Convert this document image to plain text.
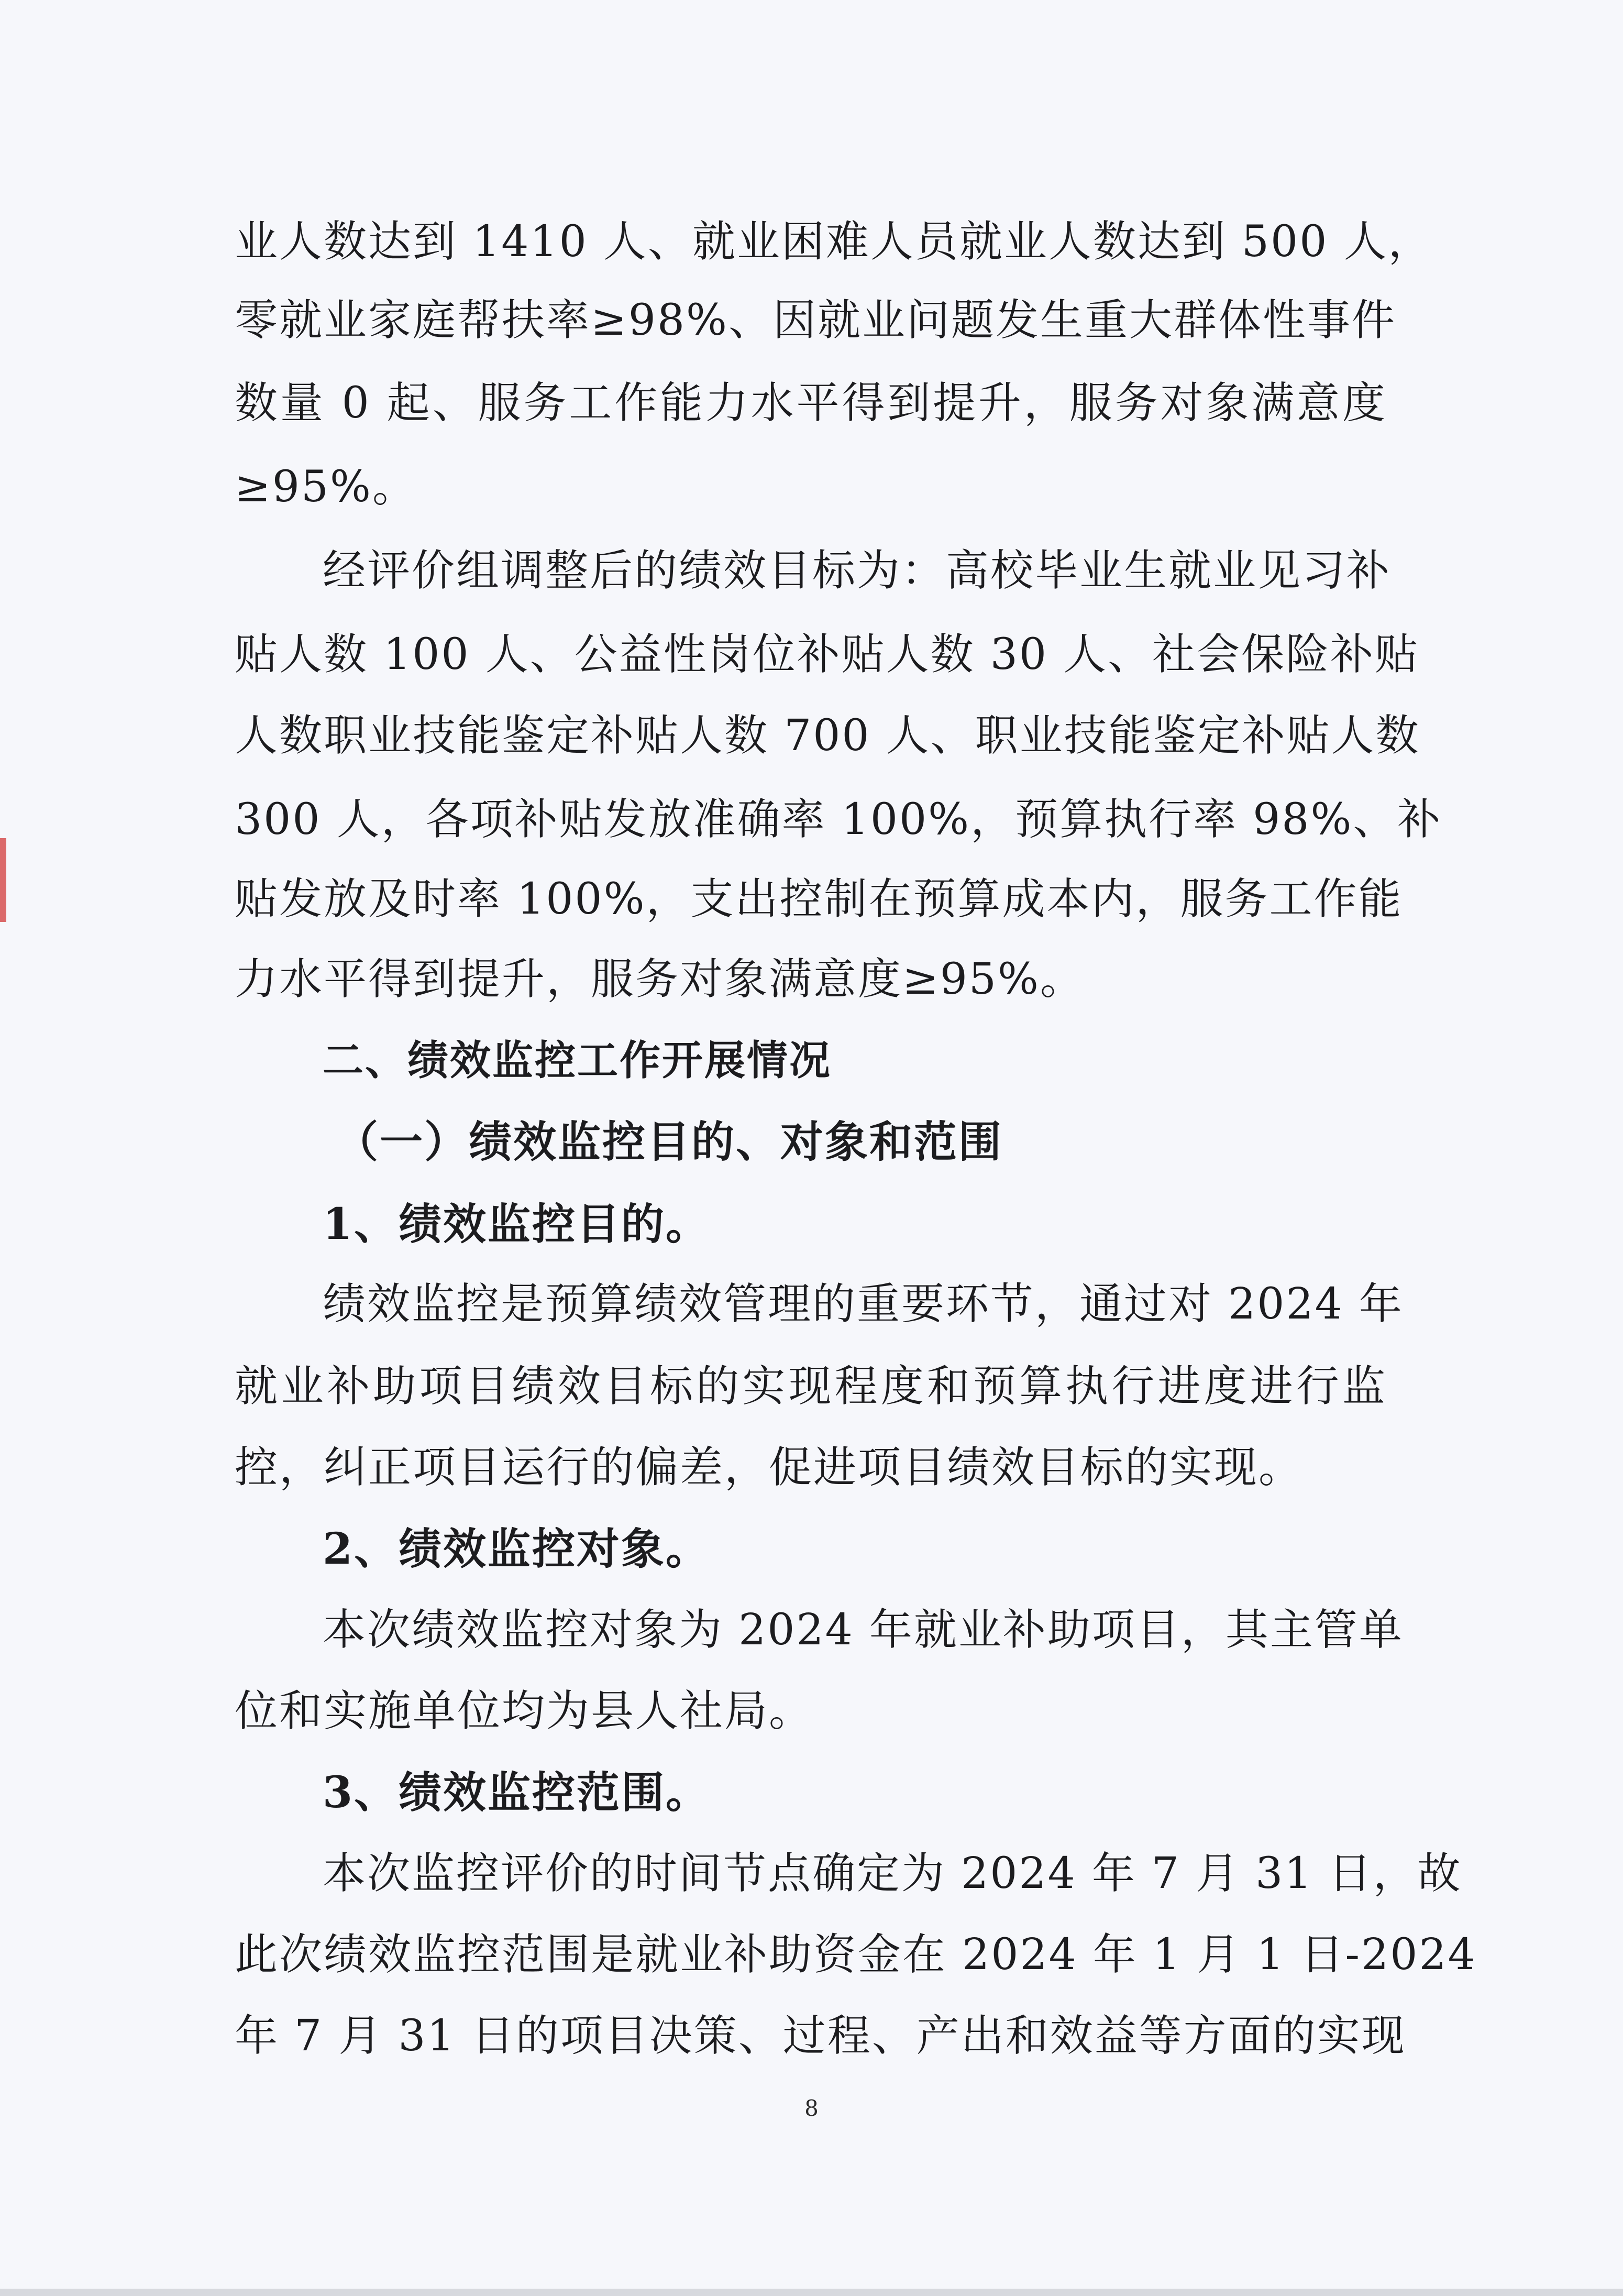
业人数达到 1410 人、就业困难人员就业人数达到 500 人，
零就业家庭帮扶率≥98%、因就业问题发生重大群体性事件
数量 0 起、服务工作能力水平得到提升，服务对象满意度
≥95%。
经评价组调整后的绩效目标为：高校毕业生就业见习补
贴人数 100 人、公益性岗位补贴人数 30 人、社会保险补贴
人数职业技能鉴定补贴人数 700 人、职业技能鉴定补贴人数
300 人，各项补贴发放准确率 100%，预算执行率 98%、补
贴发放及时率 100%，支出控制在预算成本内，服务工作能
力水平得到提升，服务对象满意度≥95%。
二、绩效监控工作开展情况
（一）绩效监控目的、对象和范围
1、绩效监控目的。
绩效监控是预算绩效管理的重要环节，通过对 2024 年
就业补助项目绩效目标的实现程度和预算执行进度进行监
控，纠正项目运行的偏差，促进项目绩效目标的实现。
2、绩效监控对象。
本次绩效监控对象为 2024 年就业补助项目，其主管单
位和实施单位均为县人社局。
3、绩效监控范围。
本次监控评价的时间节点确定为 2024 年 7 月 31 日，故
此次绩效监控范围是就业补助资金在 2024 年 1 月 1 日-2024
年 7 月 31 日的项目决策、过程、产出和效益等方面的实现
8
